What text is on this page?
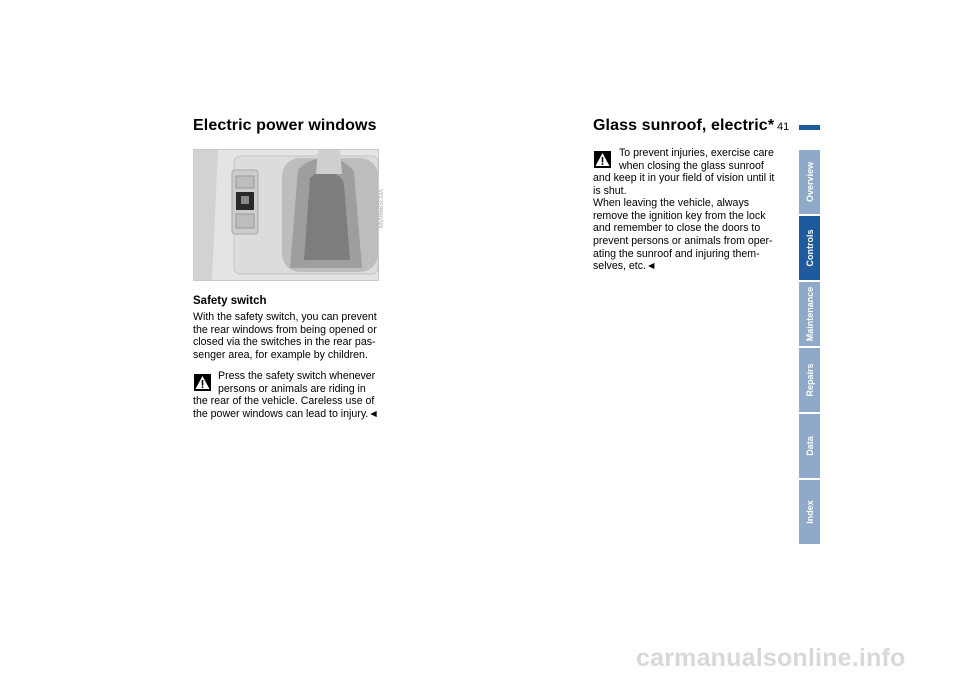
Electric power windows
MV06665CMA
Safety switch
With the safety switch, you can prevent
the rear windows from being opened or
closed via the switches in the rear pas-
senger area, for example by children.
Press the safety switch whenever
persons or animals are riding in
the rear of the vehicle. Careless use of
the power windows can lead to injury.◄
Glass sunroof, electric* 41
To prevent injuries, exercise care
when closing the glass sunroof
and keep it in your field of vision until it
is shut.
When leaving the vehicle, always
remove the ignition key from the lock
and remember to close the doors to
prevent persons or animals from oper-
ating the sunroof and injuring them-
selves, etc.◄
Overview
Controls
Maintenance
Repairs
Data
Index
carmanualsonline.info
